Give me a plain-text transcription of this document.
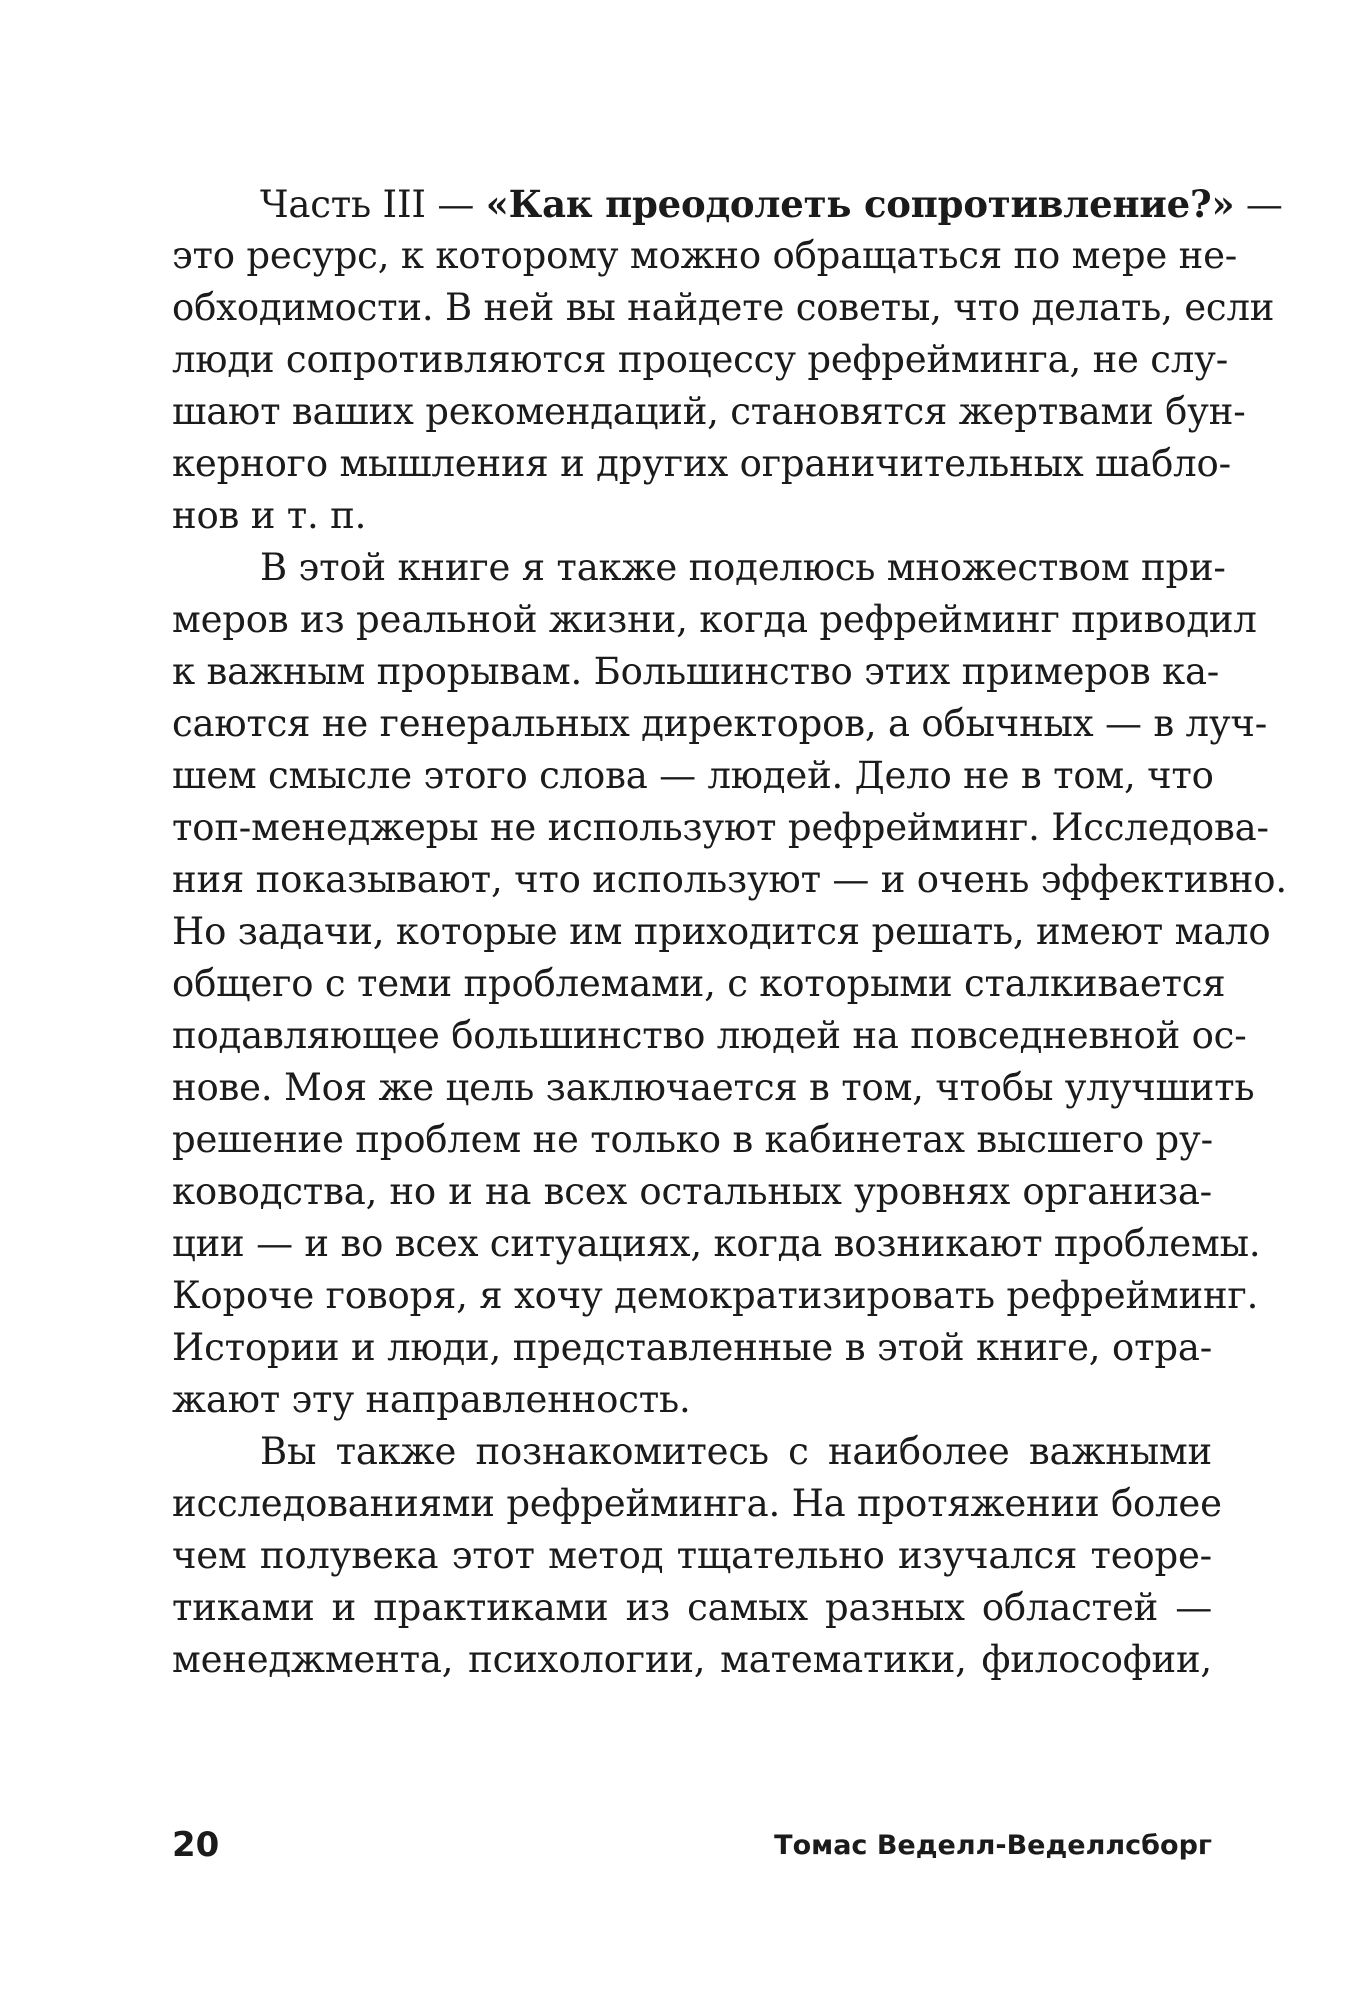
Часть III — «Как преодолеть сопротивление?» —
это ресурс, к которому можно обращаться по мере не-
обходимости. В ней вы найдете советы, что делать, если
люди сопротивляются процессу рефрейминга, не слу-
шают ваших рекомендаций, становятся жертвами бун-
керного мышления и других ограничительных шабло-
нов и т. п.
В этой книге я также поделюсь множеством при-
меров из реальной жизни, когда рефрейминг приводил
к важным прорывам. Большинство этих примеров ка-
саются не генеральных директоров, а обычных — в луч-
шем смысле этого слова — людей. Дело не в том, что
топ-менеджеры не используют рефрейминг. Исследова-
ния показывают, что используют — и очень эффективно.
Но задачи, которые им приходится решать, имеют мало
общего с теми проблемами, с которыми сталкивается
подавляющее большинство людей на повседневной ос-
нове. Моя же цель заключается в том, чтобы улучшить
решение проблем не только в кабинетах высшего ру-
ководства, но и на всех остальных уровнях организа-
ции — и во всех ситуациях, когда возникают проблемы.
Короче говоря, я хочу демократизировать рефрейминг.
Истории и люди, представленные в этой книге, отра-
жают эту направленность.
Вы также познакомитесь с наиболее важными
исследованиями рефрейминга. На протяжении более
чем полувека этот метод тщательно изучался теоре-
тиками и практиками из самых разных областей —
менеджмента, психологии, математики, философии,
20	Томас Веделл-Веделлсборг
